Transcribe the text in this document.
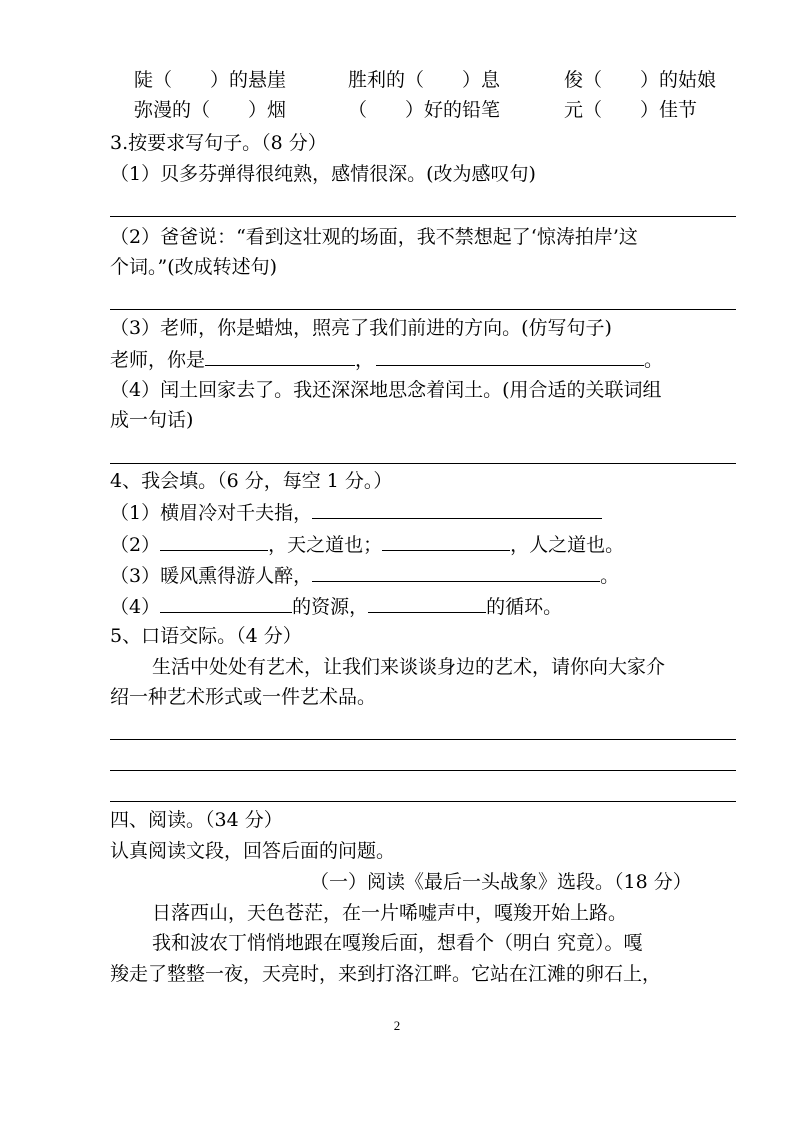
陡（　　）的悬崖	胜利的（　　）息	俊（　　）的姑娘
弥漫的（　　）烟	（　　）好的铅笔	元（　　）佳节
3.按要求写句子。（8 分）
（1）贝多芬弹得很纯熟，感情很深。(改为感叹句)
（2）爸爸说：“看到这壮观的场面，我不禁想起了‘惊涛拍岸’这
个词。”(改成转述句)
（3）老师，你是蜡烛，照亮了我们前进的方向。(仿写句子)
老师，你是	，	。
（4）闰土回家去了。我还深深地思念着闰土。(用合适的关联词组
成一句话)
4、我会填。（6 分，每空 1 分。）
（1）横眉冷对千夫指，
（2）	，天之道也；	，人之道也。
（3）暖风熏得游人醉，	。
（4）	的资源，	的循环。
5、口语交际。（4 分）
生活中处处有艺术，让我们来谈谈身边的艺术，请你向大家介
绍一种艺术形式或一件艺术品。
四、阅读。（34 分）
认真阅读文段，回答后面的问题。
（一）阅读《最后一头战象》选段。（18 分）
日落西山，天色苍茫，在一片唏嘘声中，嘎羧开始上路。
我和波农丁悄悄地跟在嘎羧后面，想看个（明白 究竟）。嘎
羧走了整整一夜，天亮时，来到打洛江畔。它站在江滩的卵石上，
2
